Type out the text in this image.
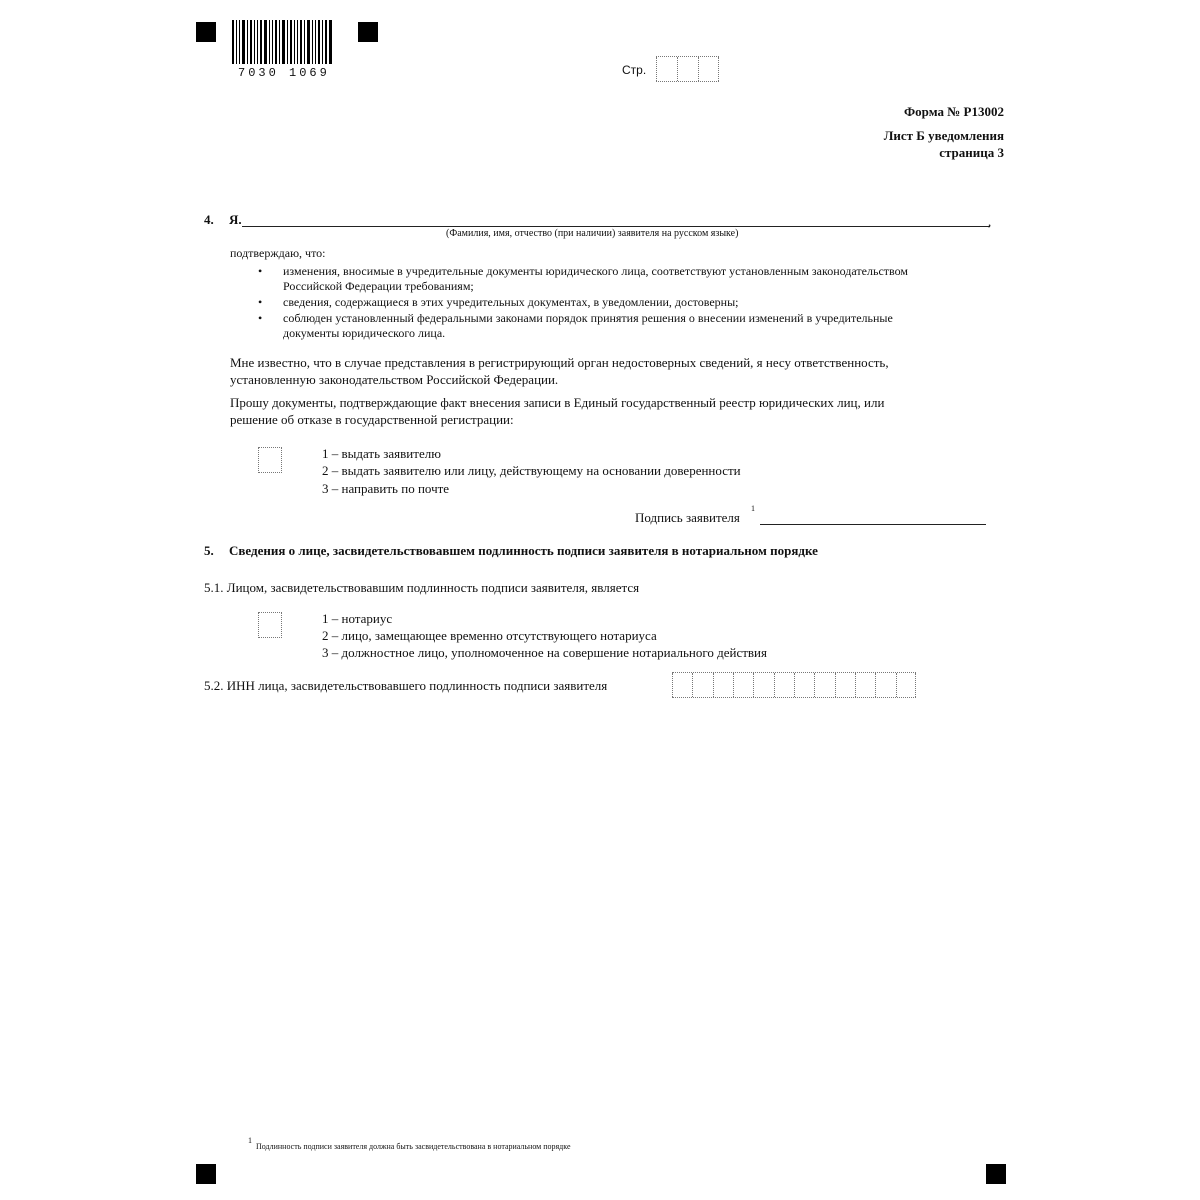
7030 1069	Стр.
Форма № Р13002
Лист Б уведомления
страница 3
4. Я.	,
(Фамилия, имя, отчество (при наличии) заявителя на русском языке)
подтверждаю, что:
• изменения, вносимые в учредительные документы юридического лица, соответствуют установленным законодательством
Российской Федерации требованиям;
• сведения, содержащиеся в этих учредительных документах, в уведомлении, достоверны;
• соблюден установленный федеральными законами порядок принятия решения о внесении изменений в учредительные
документы юридического лица.
Мне известно, что в случае представления в регистрирующий орган недостоверных сведений, я несу ответственность,
установленную законодательством Российской Федерации.
Прошу документы, подтверждающие факт внесения записи в Единый государственный реестр юридических лиц, или
решение об отказе в государственной регистрации:
1 – выдать заявителю
2 – выдать заявителю или лицу, действующему на основании доверенности
3 – направить по почте
Подпись заявителя
1
5. Сведения о лице, засвидетельствовавшем подлинность подписи заявителя в нотариальном порядке
5.1. Лицом, засвидетельствовавшим подлинность подписи заявителя, является
1 – нотариус
2 – лицо, замещающее временно отсутствующего нотариуса
3 – должностное лицо, уполномоченное на совершение нотариального действия
5.2. ИНН лица, засвидетельствовавшего подлинность подписи заявителя
1
Подлинность подписи заявителя должна быть засвидетельствована в нотариальном порядке
